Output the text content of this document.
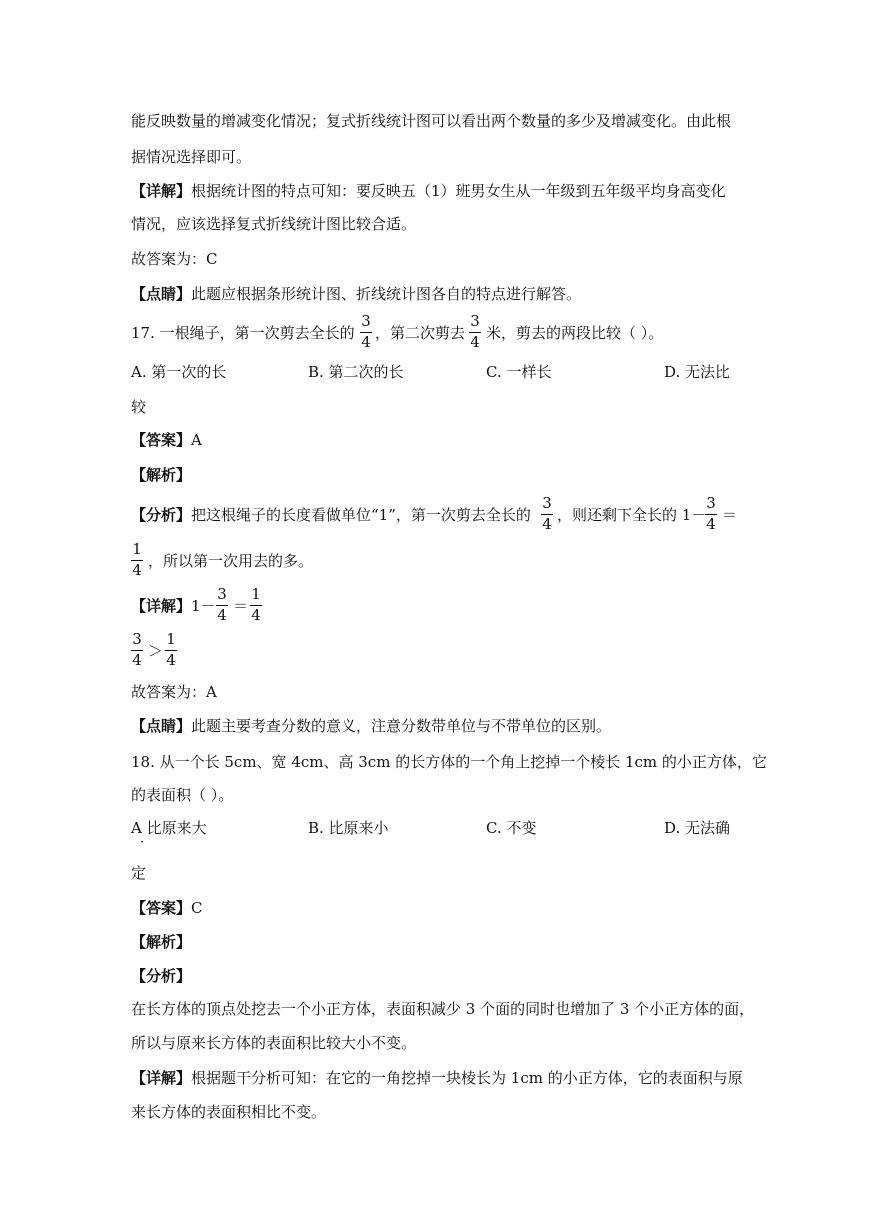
能反映数量的增减变化情况；复式折线统计图可以看出两个数量的多少及增减变化。由此根
据情况选择即可。
【详解】根据统计图的特点可知：要反映五（1）班男女生从一年级到五年级平均身高变化
情况，应该选择复式折线统计图比较合适。
故答案为：C
【点睛】此题应根据条形统计图、折线统计图各自的特点进行解答。
17. 一根绳子，第一次剪去全长的
3
4 ，第二次剪去
3
4 米，剪去的两段比较（ ）。
A. 第一次的长	B. 第二次的长	C. 一样长	D. 无法比
较
【答案】A
【解析】
【分析】把这根绳子的长度看做单位“1”，第一次剪去全长的
3
4 ，则还剩下全长的 1－
3
4 ＝
1
4 ，所以第一次用去的多。
【详解】1－
3
4 ＝
1
4
3
4 ＞
1
4
故答案为：A
【点睛】此题主要考查分数的意义，注意分数带单位与不带单位的区别。
18. 从一个长 5cm、宽 4cm、高 3cm 的长方体的一个角上挖掉一个棱长 1cm 的小正方体，它
的表面积（ ）。
A 比原来大
·
B. 比原来小	C. 不变	D. 无法确
定
【答案】C
【解析】
【分析】
在长方体的顶点处挖去一个小正方体，表面积减少 3 个面的同时也增加了 3 个小正方体的面，
所以与原来长方体的表面积比较大小不变。
【详解】根据题干分析可知：在它的一角挖掉一块棱长为 1cm 的小正方体，它的表面积与原
来长方体的表面积相比不变。
